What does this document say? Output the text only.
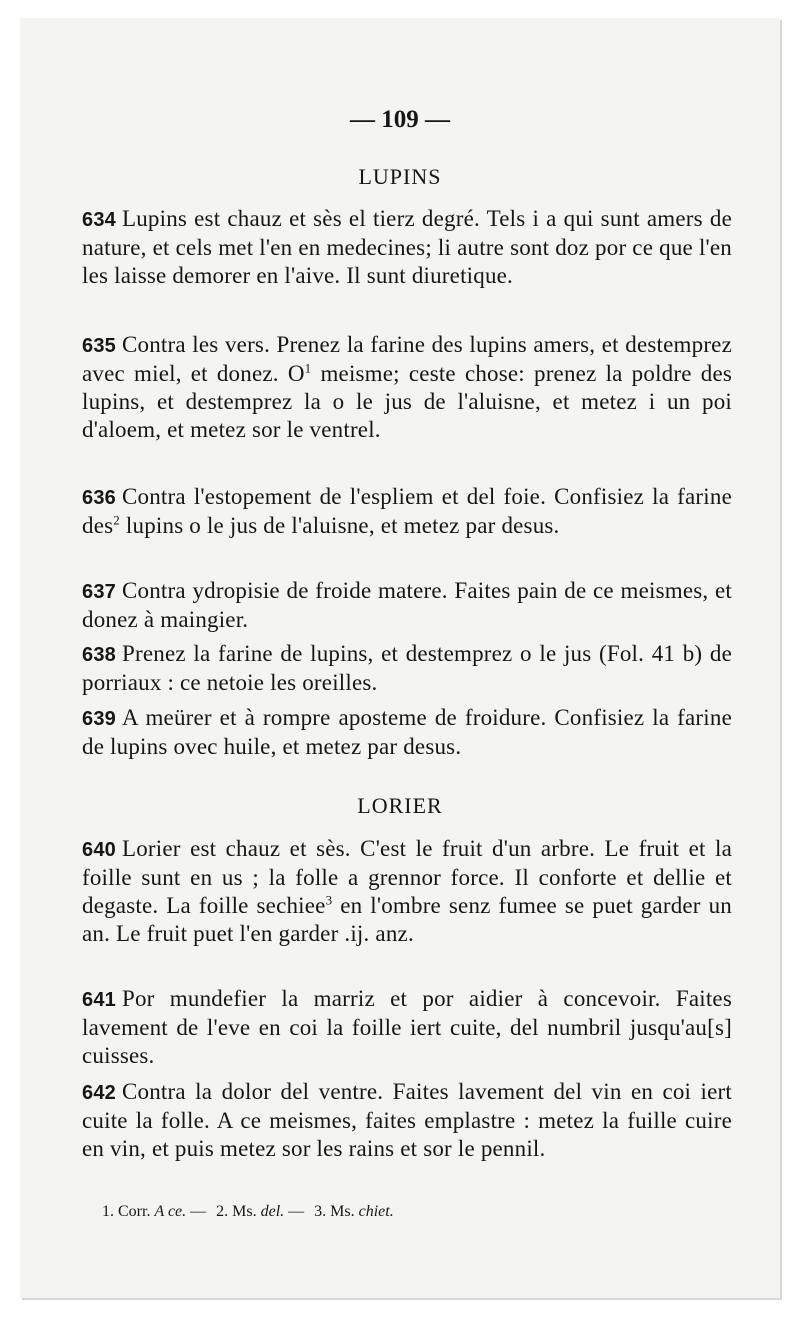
— 109 —
LUPINS
634 Lupins est chauz et sès el tierz degré. Tels i a qui sunt amers de nature, et cels met l'en en medecines; li autre sont doz por ce que l'en les laisse demorer en l'aive. Il sunt diuretique.
635 Contra les vers. Prenez la farine des lupins amers, et destemprez avec miel, et donez. $O^1$ meisme; ceste chose: prenez la poldre des lupins, et destemprez la o le jus de l'aluisne, et metez i un poi d'aloem, et metez sor le ventrel.
636 Contra l'estopement de l'espliem et del foie. Confisiez la farine des$^2$ lupins o le jus de l'aluisne, et metez par desus.
637 Contra ydropisie de froide matere. Faites pain de ce meismes, et donez à maingier.
638 Prenez la farine de lupins, et destemprez o le jus (Fol. 41 b) de porriaux : ce netoie les oreilles.
639 A meürer et à rompre aposteme de froidure. Confisiez la farine de lupins ovec huile, et metez par desus.
LORIER
640 Lorier est chauz et sès. C'est le fruit d'un arbre. Le fruit et la foille sunt en us ; la folle a grennor force. Il conforte et dellie et degaste. La foille sechiee$^3$ en l'ombre senz fumee se puet garder un an. Le fruit puet l'en garder .ij. anz.
641 Por mundefier la marriz et por aidier à concevoir. Faites lavement de l'eve en coi la foille iert cuite, del numbril jusqu'au[s] cuisses.
642 Contra la dolor del ventre. Faites lavement del vin en coi iert cuite la folle. A ce meismes, faites emplastre : metez la fuille cuire en vin, et puis metez sor les rains et sor le pennil.
1. Corr. A ce. — 2. Ms. del. — 3. Ms. chiet.
